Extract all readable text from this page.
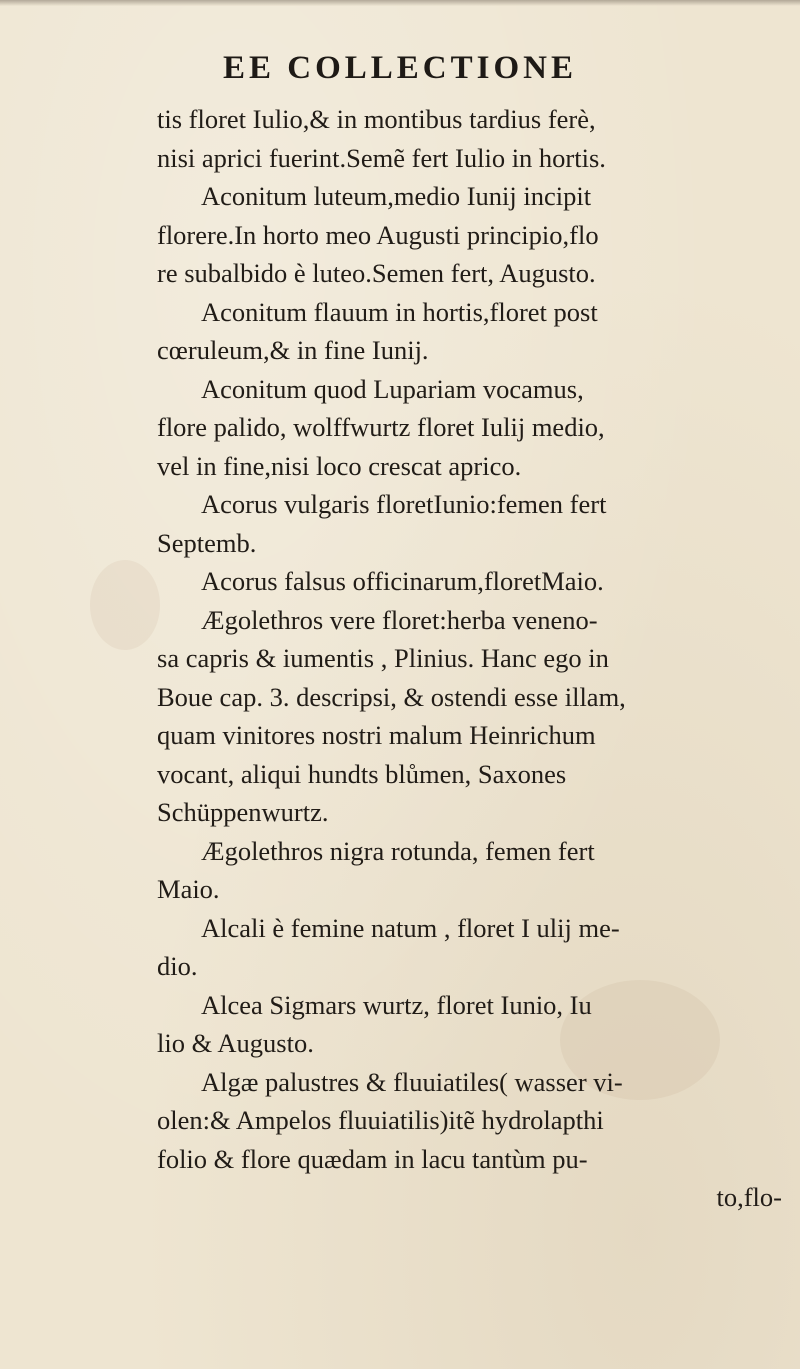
EE COLLECTIONE
tis floret Iulio,& in montibus tardius ferè,
nisi aprici fuerint.Semẽ fert Iulio in hortis.
Aconitum luteum,medio Iunij incipit
florere.In horto meo Augusti principio,flo
re subalbido è luteo.Semen fert, Augusto.
Aconitum flauum in hortis,floret post
cœruleum,& in fine Iunij.
Aconitum quod Lupariam vocamus,
flore palido, wolffwurtz floret Iulij medio,
vel in fine,nisi loco crescat aprico.
Acorus vulgaris floretIunio:femen fert
Septemb.
Acorus falsus officinarum,floretMaio.
Ægolethros vere floret:herba veneno-
sa capris & iumentis , Plinius. Hanc ego in
Boue cap. 3. descripsi, & ostendi esse illam,
quam vinitores nostri malum Heinrichum
vocant, aliqui hundts blůmen, Saxones
Schüppenwurtz.
Ægolethros nigra rotunda, femen fert
Maio.
Alcali è femine natum , floret I ulij me-
dio.
Alcea Sigmars wurtz, floret Iunio, Iu
lio & Augusto.
Algæ palustres & fluuiatiles( wasser vi-
olen:& Ampelos fluuiatilis)itẽ hydrolapthi
folio & flore quædam in lacu tantùm pu-
to,flo-
